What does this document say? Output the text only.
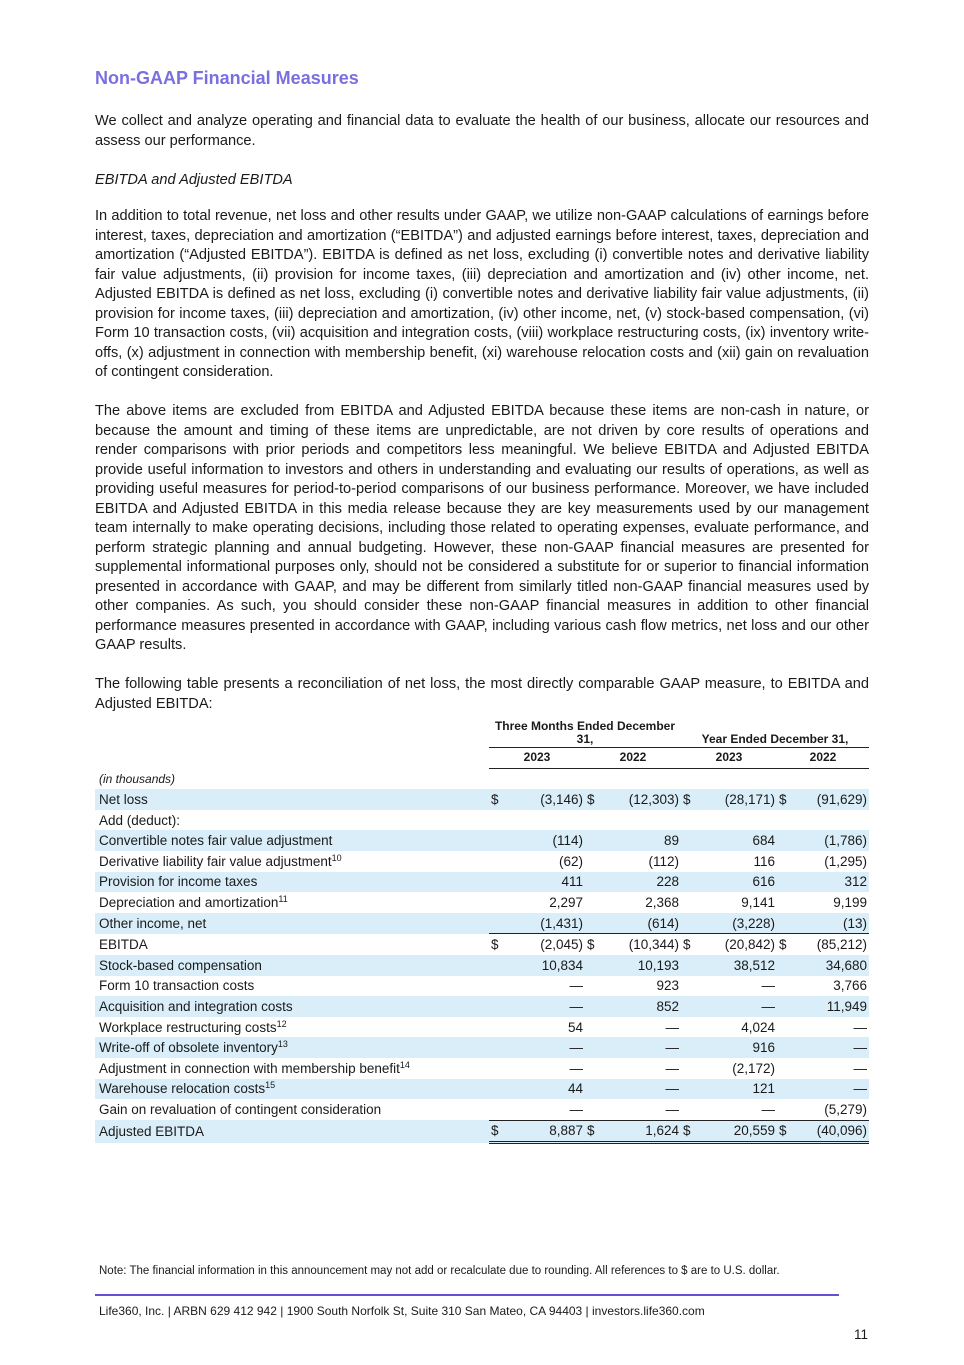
Non-GAAP Financial Measures

We collect and analyze operating and financial data to evaluate the health of our business, allocate our resources and assess our performance.

EBITDA and Adjusted EBITDA

In addition to total revenue, net loss and other results under GAAP, we utilize non-GAAP calculations of earnings before interest, taxes, depreciation and amortization (“EBITDA”) and adjusted earnings before interest, taxes, depreciation and amortization (“Adjusted EBITDA”). EBITDA is defined as net loss, excluding (i) convertible notes and derivative liability fair value adjustments, (ii) provision for income taxes, (iii) depreciation and amortization and (iv) other income, net. Adjusted EBITDA is defined as net loss, excluding (i) convertible notes and derivative liability fair value adjustments, (ii) provision for income taxes, (iii) depreciation and amortization, (iv) other income, net, (v) stock-based compensation, (vi) Form 10 transaction costs, (vii) acquisition and integration costs, (viii) workplace restructuring costs, (ix) inventory write-offs, (x) adjustment in connection with membership benefit, (xi) warehouse relocation costs and (xii) gain on revaluation of contingent consideration.

The above items are excluded from EBITDA and Adjusted EBITDA because these items are non-cash in nature, or because the amount and timing of these items are unpredictable, are not driven by core results of operations and render comparisons with prior periods and competitors less meaningful. We believe EBITDA and Adjusted EBITDA provide useful information to investors and others in understanding and evaluating our results of operations, as well as providing useful measures for period-to-period comparisons of our business performance. Moreover, we have included EBITDA and Adjusted EBITDA in this media release because they are key measurements used by our management team internally to make operating decisions, including those related to operating expenses, evaluate performance, and perform strategic planning and annual budgeting. However, these non-GAAP financial measures are presented for supplemental informational purposes only, should not be considered a substitute for or superior to financial information presented in accordance with GAAP, and may be different from similarly titled non-GAAP financial measures used by other companies. As such, you should consider these non-GAAP financial measures in addition to other financial performance measures presented in accordance with GAAP, including various cash flow metrics, net loss and our other GAAP results.

The following table presents a reconciliation of net loss, the most directly comparable GAAP measure, to EBITDA and Adjusted EBITDA:

	Three Months Ended December 31,				Year Ended December 31,			
	2023		2022		2023		2022	
(in thousands)								
Net loss	$	(3,146)	$	(12,303)	$	(28,171)	$	(91,629)
Add (deduct):								
Convertible notes fair value adjustment		(114)		89		684		(1,786)
Derivative liability fair value adjustment$^{10}$		(62)		(112)		116		(1,295)
Provision for income taxes		411		228		616		312
Depreciation and amortization$^{11}$		2,297		2,368		9,141		9,199
Other income, net		(1,431)		(614)		(3,228)		(13)
EBITDA	$	(2,045)	$	(10,344)	$	(20,842)	$	(85,212)
Stock-based compensation		10,834		10,193		38,512		34,680
Form 10 transaction costs		—		923		—		3,766
Acquisition and integration costs		—		852		—		11,949
Workplace restructuring costs$^{12}$		54		—		4,024		—
Write-off of obsolete inventory$^{13}$		—		—		916		—
Adjustment in connection with membership benefit$^{14}$		—		—		(2,172)		—
Warehouse relocation costs$^{15}$		44		—		121		—
Gain on revaluation of contingent consideration		—		—		—		(5,279)
Adjusted EBITDA	$	8,887	$	1,624	$	20,559	$	(40,096)
Note: The financial information in this announcement may not add or recalculate due to rounding. All references to $ are to U.S. dollar.
Life360, Inc. | ARBN 629 412 942 | 1900 South Norfolk St, Suite 310 San Mateo, CA 94403 | investors.life360.com
11
